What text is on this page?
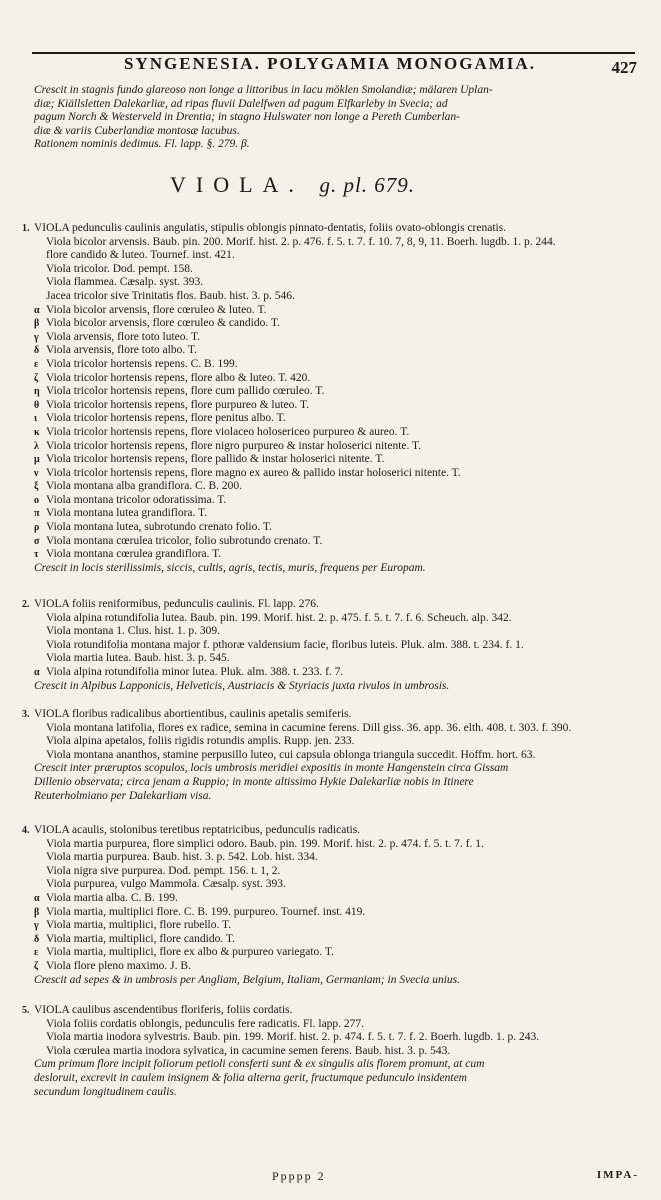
SYNGENESIA. POLYGAMIA MONOGAMIA.	427
Crescit in stagnis fundo glareoso non longe a littoribus in lacu möklen Smolandiæ; mälaren Uplan-
diæ; Kiällsletten Dalekarliæ, ad ripas fluvii Dalelfwen ad pagum Elfkarleby in Svecia; ad
pagum Norch & Westerveld in Drentia; in stagno Hulswater non longe a Pereth Cumberlan-
diæ & variis Cuberlandiæ montosæ lacubus.
Rationem nominis dedimus. Fl. lapp. §. 279. β.
VIOLA. g. pl. 679.
1. VIOLA pedunculis caulinis angulatis, stipulis oblongis pinnato-dentatis, foliis ovato-oblongis crenatis.
Viola bicolor arvensis. Baub. pin. 200. Morif. hist. 2. p. 476. f. 5. t. 7. f. 10. 7, 8, 9, 11. Boerh. lugdb. 1. p. 244.
flore candido & luteo. Tournef. inst. 421.
Viola tricolor. Dod. pempt. 158.
Viola flammea. Cæsalp. syst. 393.
Jacea tricolor sive Trinitatis flos. Baub. hist. 3. p. 546.
α Viola bicolor arvensis, flore cœruleo & luteo. T.
β Viola bicolor arvensis, flore cœruleo & candido. T.
γ Viola arvensis, flore toto luteo. T.
δ Viola arvensis, flore toto albo. T.
ε Viola tricolor hortensis repens. C. B. 199.
ζ Viola tricolor hortensis repens, flore albo & luteo. T. 420.
η Viola tricolor hortensis repens, flore cum pallido cœruleo. T.
θ Viola tricolor hortensis repens, flore purpureo & luteo. T.
ι Viola tricolor hortensis repens, flore penitus albo. T.
κ Viola tricolor hortensis repens, flore violaceo holosericeo purpureo & aureo. T.
λ Viola tricolor hortensis repens, flore nigro purpureo & instar holoserici nitente. T.
μ Viola tricolor hortensis repens, flore pallido & instar holoserici nitente. T.
ν Viola tricolor hortensis repens, flore magno ex aureo & pallido instar holoserici nitente. T.
ξ Viola montana alba grandiflora. C. B. 200.
ο Viola montana tricolor odoratissima. T.
π Viola montana lutea grandiflora. T.
ρ Viola montana lutea, subrotundo crenato folio. T.
σ Viola montana cœrulea tricolor, folio subrotundo crenato. T.
τ Viola montana cœrulea grandiflora. T.
Crescit in locis sterilissimis, siccis, cultis, agris, tectis, muris, frequens per Europam.
2. VIOLA foliis reniformibus, pedunculis caulinis. Fl. lapp. 276.
Viola alpina rotundifolia lutea. Baub. pin. 199. Morif. hist. 2. p. 475. f. 5. t. 7. f. 6. Scheuch. alp. 342.
Viola montana 1. Clus. hist. 1. p. 309.
Viola rotundifolia montana major f. pthoræ valdensium facie, floribus luteis. Pluk. alm. 388. t. 234. f. 1.
Viola martia lutea. Baub. hist. 3. p. 545.
α Viola alpina rotundifolia minor lutea. Pluk. alm. 388. t. 233. f. 7.
Crescit in Alpibus Lapponicis, Helveticis, Austriacis & Styriacis juxta rivulos in umbrosis.
3. VIOLA floribus radicalibus abortientibus, caulinis apetalis semiferis.
Viola montana latifolia, flores ex radice, semina in cacumine ferens. Dill giss. 36. app. 36. elth. 408. t. 303. f. 390.
Viola alpina apetalos, foliis rigidis rotundis amplis. Rupp. jen. 233.
Viola montana ananthos, stamine perpusillo luteo, cui capsula oblonga triangula succedit. Hoffm. hort. 63.
Crescit inter præruptos scopulos, locis umbrosis meridiei expositis in monte Hangenstein circa Gissam
Dillenio observata; circa jenam a Ruppio; in monte altissimo Hykie Dalekarliæ nobis in Itinere
Reuterholmiano per Dalekarliam visa.
4. VIOLA acaulis, stolonibus teretibus reptatricibus, pedunculis radicatis.
Viola martia purpurea, flore simplici odoro. Baub. pin. 199. Morif. hist. 2. p. 474. f. 5. t. 7. f. 1.
Viola martia purpurea. Baub. hist. 3. p. 542. Lob. hist. 334.
Viola nigra sive purpurea. Dod. pempt. 156. t. 1, 2.
Viola purpurea, vulgo Mammola. Cæsalp. syst. 393.
α Viola martia alba. C. B. 199.
β Viola martia, multiplici flore. C. B. 199. purpureo. Tournef. inst. 419.
γ Viola martia, multiplici, flore rubello. T.
δ Viola martia, multiplici, flore candido. T.
ε Viola martia, multiplici, flore ex albo & purpureo variegato. T.
ζ Viola flore pleno maximo. J. B.
Crescit ad sepes & in umbrosis per Angliam, Belgium, Italiam, Germaniam; in Svecia unius.
5. VIOLA caulibus ascendentibus floriferis, foliis cordatis.
Viola foliis cordatis oblongis, pedunculis fere radicatis. Fl. lapp. 277.
Viola martia inodora sylvestris. Baub. pin. 199. Morif. hist. 2. p. 474. f. 5. t. 7. f. 2. Boerh. lugdb. 1. p. 243.
Viola cœrulea martia inodora sylvatica, in cacumine semen ferens. Baub. hist. 3. p. 543.
Cum primum flore incipit foliorum petioli consferti sunt & ex singulis alis florem promunt, at cum
desloruit, excrevit in caulem insignem & folia alterna gerit, fructumque pedunculo insidentem
secundum longitudinem caulis.
Ppppp 2	IMPA-
